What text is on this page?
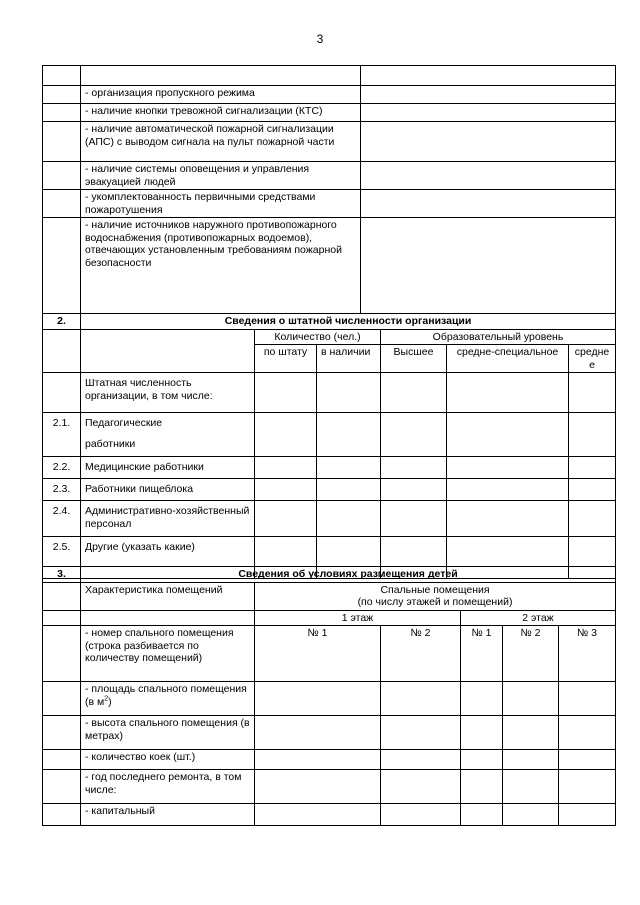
3

	- организация пропускного режима	
	- наличие кнопки тревожной сигнализации (КТС)	
	- наличие автоматической пожарной сигнализации (АПС) с выводом сигнала на пульт пожарной части	
	- наличие системы оповещения и управления эвакуацией людей	
	- укомплектованность первичными средствами пожаротушения	
	- наличие источников наружного противопожарного водоснабжения (противопожарных водоемов), отвечающих установленным требованиям пожарной безопасности	
2.	Сведения о штатной численности организации					
		Количество (чел.)		Образовательный уровень		
		по штату	в наличии	Высшее	средне-специальное	средне е
	Штатная численность организации, в том числе:					
2.1.	Педагогические
работники					

2.2.	Медицинские работники					
2.3.	Работники пищеблока					
2.4.	Административно-хозяйственный персонал					
2.5.	Другие (указать какие)					
3.	Сведения об условиях размещения детей					
	Характеристика помещений	Спальные помещения
(по числу этажей и помещений)				

		1 этаж		2 этаж		
	- номер спального помещения (строка разбивается по количеству помещений)	№ 1	№ 2	№ 1	№ 2	№ 3
	- площадь спального помещения (в $м^2$)					
	- высота спального помещения (в метрах)					
	- количество коек (шт.)					
	- год последнего ремонта, в том числе:					
	- капитальный					
